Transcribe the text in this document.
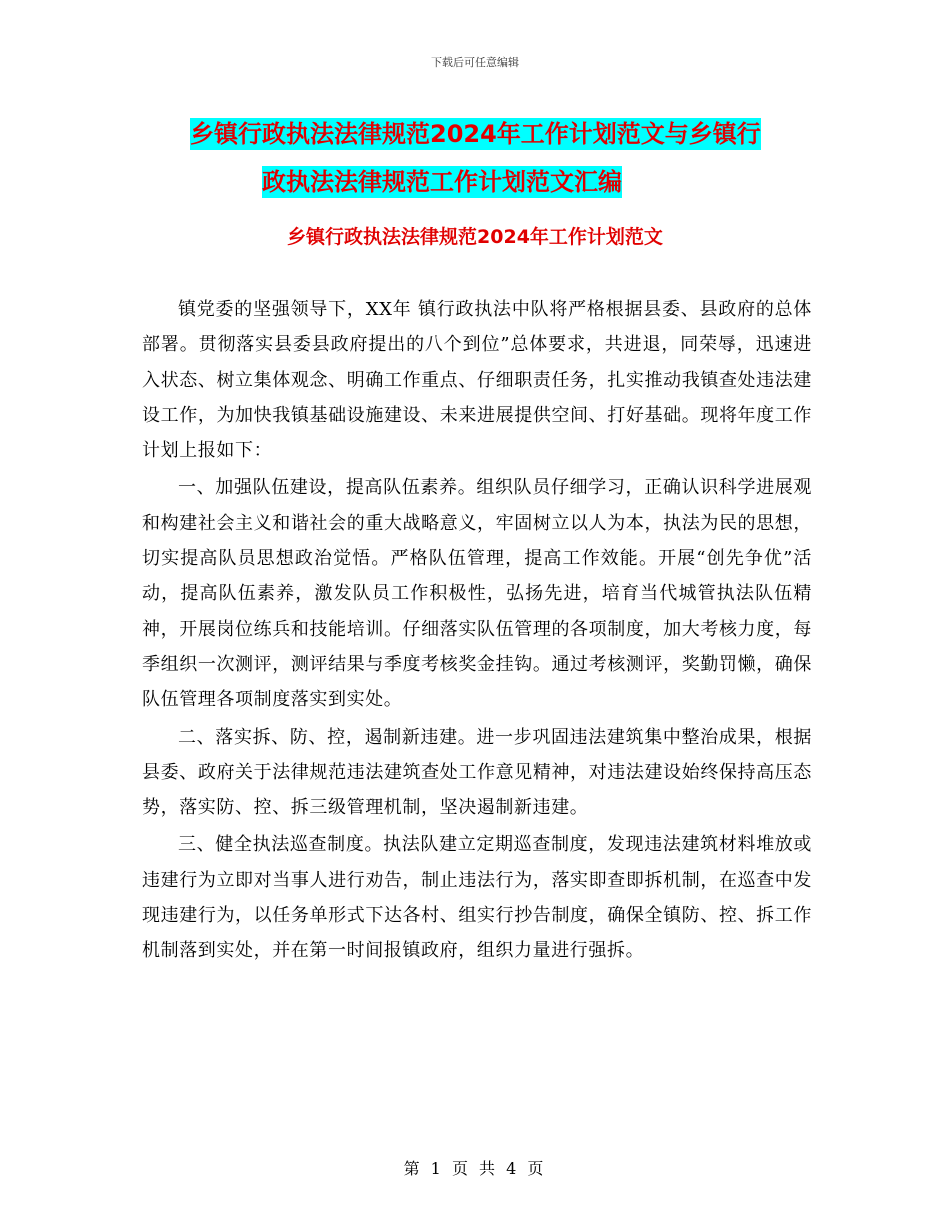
下载后可任意编辑
乡镇行政执法法律规范2024年工作计划范文与乡镇行
政执法法律规范工作计划范文汇编
乡镇行政执法法律规范2024年工作计划范文

镇党委的坚强领导下，XX年 镇行政执法中队将严格根据县委、县政府的总体部署。贯彻落实县委县政府提出的八个到位”总体要求，共进退，同荣辱，迅速进入状态、树立集体观念、明确工作重点、仔细职责任务，扎实推动我镇查处违法建设工作，为加快我镇基础设施建设、未来进展提供空间、打好基础。现将年度工作计划上报如下：

一、加强队伍建设，提高队伍素养。组织队员仔细学习，正确认识科学进展观和构建社会主义和谐社会的重大战略意义，牢固树立以人为本，执法为民的思想，切实提高队员思想政治觉悟。严格队伍管理，提高工作效能。开展“创先争优”活动，提高队伍素养，激发队员工作积极性，弘扬先进，培育当代城管执法队伍精神，开展岗位练兵和技能培训。仔细落实队伍管理的各项制度，加大考核力度，每季组织一次测评，测评结果与季度考核奖金挂钩。通过考核测评，奖勤罚懒，确保队伍管理各项制度落实到实处。

二、落实拆、防、控，遏制新违建。进一步巩固违法建筑集中整治成果，根据县委、政府关于法律规范违法建筑查处工作意见精神，对违法建设始终保持高压态势，落实防、控、拆三级管理机制，坚决遏制新违建。

三、健全执法巡查制度。执法队建立定期巡查制度，发现违法建筑材料堆放或违建行为立即对当事人进行劝告，制止违法行为，落实即查即拆机制，在巡查中发现违建行为，以任务单形式下达各村、组实行抄告制度，确保全镇防、控、拆工作机制落到实处，并在第一时间报镇政府，组织力量进行强拆。

第 1 页 共 4 页
